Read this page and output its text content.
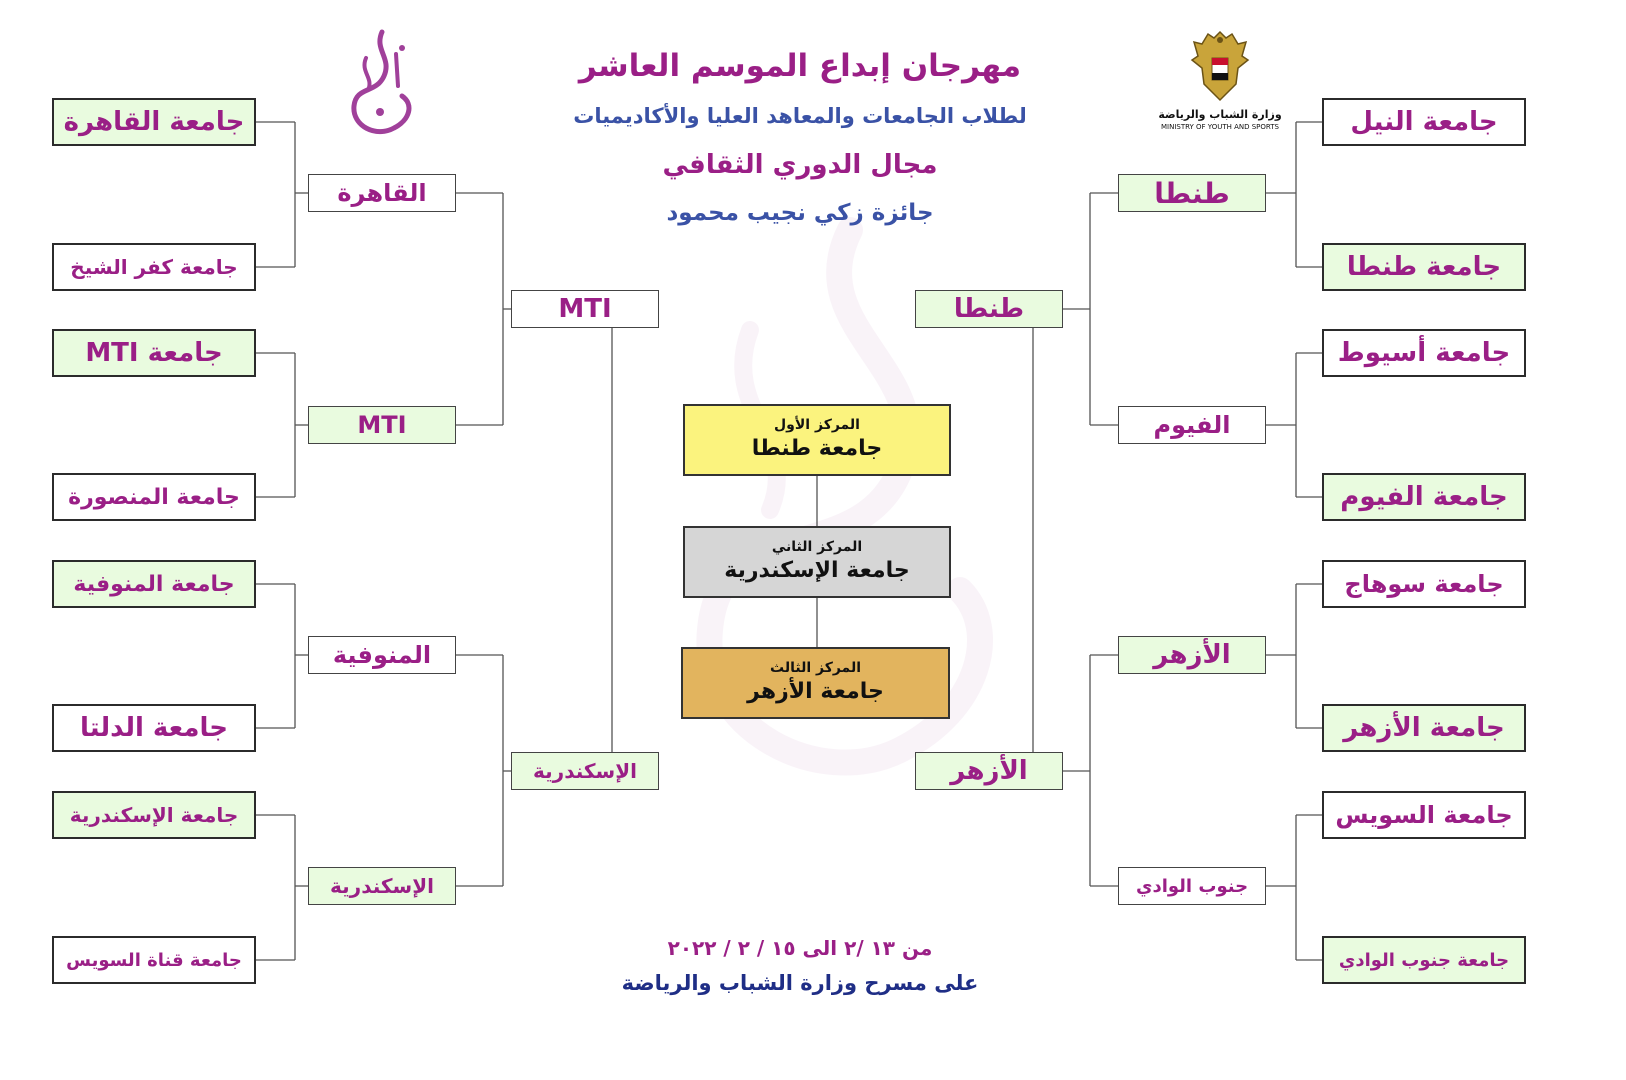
مهرجان إبداع الموسم العاشر
لطلاب الجامعات والمعاهد العليا والأكاديميات
مجال الدوري الثقافي
جائزة زكي نجيب محمود
وزارة الشباب والرياضة
MINISTRY OF YOUTH AND SPORTS
جامعة القاهرة
جامعة كفر الشيخ
جامعة MTI
جامعة المنصورة
جامعة المنوفية
جامعة الدلتا
جامعة الإسكندرية
جامعة قناة السويس
القاهرة
MTI
المنوفية
الإسكندرية
MTI
الإسكندرية
طنطا
الأزهر
طنطا
الفيوم
الأزهر
جنوب الوادي
جامعة النيل
جامعة طنطا
جامعة أسيوط
جامعة الفيوم
جامعة سوهاج
جامعة الأزهر
جامعة السويس
جامعة جنوب الوادي
المركز الأول
جامعة طنطا
المركز الثاني
جامعة الإسكندرية
المركز الثالث
جامعة الأزهر
من ١٣ /٢ الى ١٥ / ٢ / ٢٠٢٢
على مسرح وزارة الشباب والرياضة
